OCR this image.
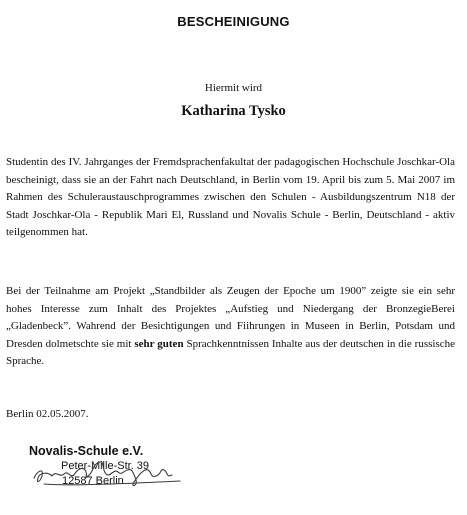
BESCHEINIGUNG
Hiermit wird
Katharina Tysko

Studentin des IV. Jahrganges der Fremdsprachenfakultat der padagogischen Hochschule Joschkar-Ola bescheinigt, dass sie an der Fahrt nach Deutschland, in Berlin vom 19. April bis zum 5. Mai 2007 im Rahmen des Schuleraustauschprogrammes zwischen den Schulen - Ausbildungszentrum N18 der Stadt Joschkar-Ola - Republik Mari El, Russland und Novalis Schule - Berlin, Deutschland - aktiv teilgenommen hat.

Bei der Teilnahme am Projekt „Standbilder als Zeugen der Epoche um 1900” zeigte sie ein sehr hohes Interesse zum Inhalt des Projektes „Aufstieg und Niedergang der BronzegieBerei „Gladenbeck”. Wahrend der Besichtigungen und Fiihrungen in Museen in Berlin, Potsdam und Dresden dolmetschte sie mit sehr guten Sprachkenntnissen Inhalte aus der deutschen in die russische Sprache.

Berlin 02.05.2007.
Novalis-Schule e.V.
Peter-Mille-Str. 39
12587 Berlin
